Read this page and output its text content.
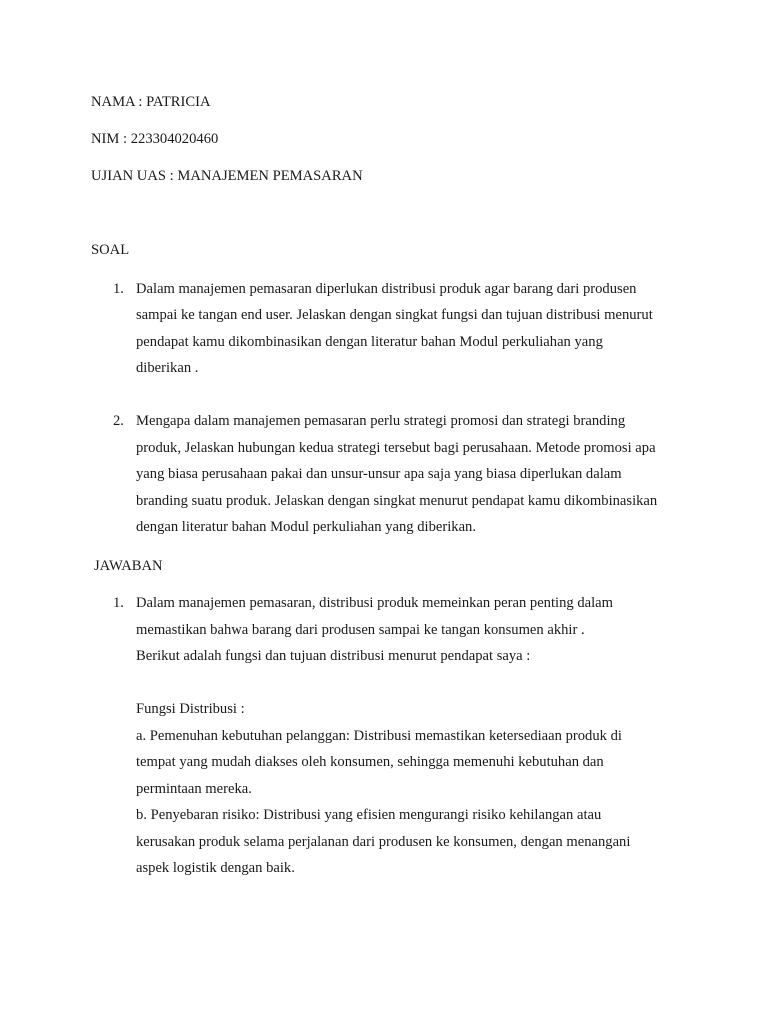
NAMA : PATRICIA
NIM : 223304020460
UJIAN UAS : MANAJEMEN PEMASARAN
SOAL
1. Dalam manajemen pemasaran diperlukan distribusi produk agar barang dari produsen
sampai ke tangan end user. Jelaskan dengan singkat fungsi dan tujuan distribusi menurut
pendapat kamu dikombinasikan dengan literatur bahan Modul perkuliahan yang
diberikan .
2. Mengapa dalam manajemen pemasaran perlu strategi promosi dan strategi branding
produk, Jelaskan hubungan kedua strategi tersebut bagi perusahaan. Metode promosi apa
yang biasa perusahaan pakai dan unsur-unsur apa saja yang biasa diperlukan dalam
branding suatu produk. Jelaskan dengan singkat menurut pendapat kamu dikombinasikan
dengan literatur bahan Modul perkuliahan yang diberikan.
JAWABAN
1. Dalam manajemen pemasaran, distribusi produk memeinkan peran penting dalam
memastikan bahwa barang dari produsen sampai ke tangan konsumen akhir .
Berikut adalah fungsi dan tujuan distribusi menurut pendapat saya :
Fungsi Distribusi :
a. Pemenuhan kebutuhan pelanggan: Distribusi memastikan ketersediaan produk di
tempat yang mudah diakses oleh konsumen, sehingga memenuhi kebutuhan dan
permintaan mereka.
b. Penyebaran risiko: Distribusi yang efisien mengurangi risiko kehilangan atau
kerusakan produk selama perjalanan dari produsen ke konsumen, dengan menangani
aspek logistik dengan baik.
